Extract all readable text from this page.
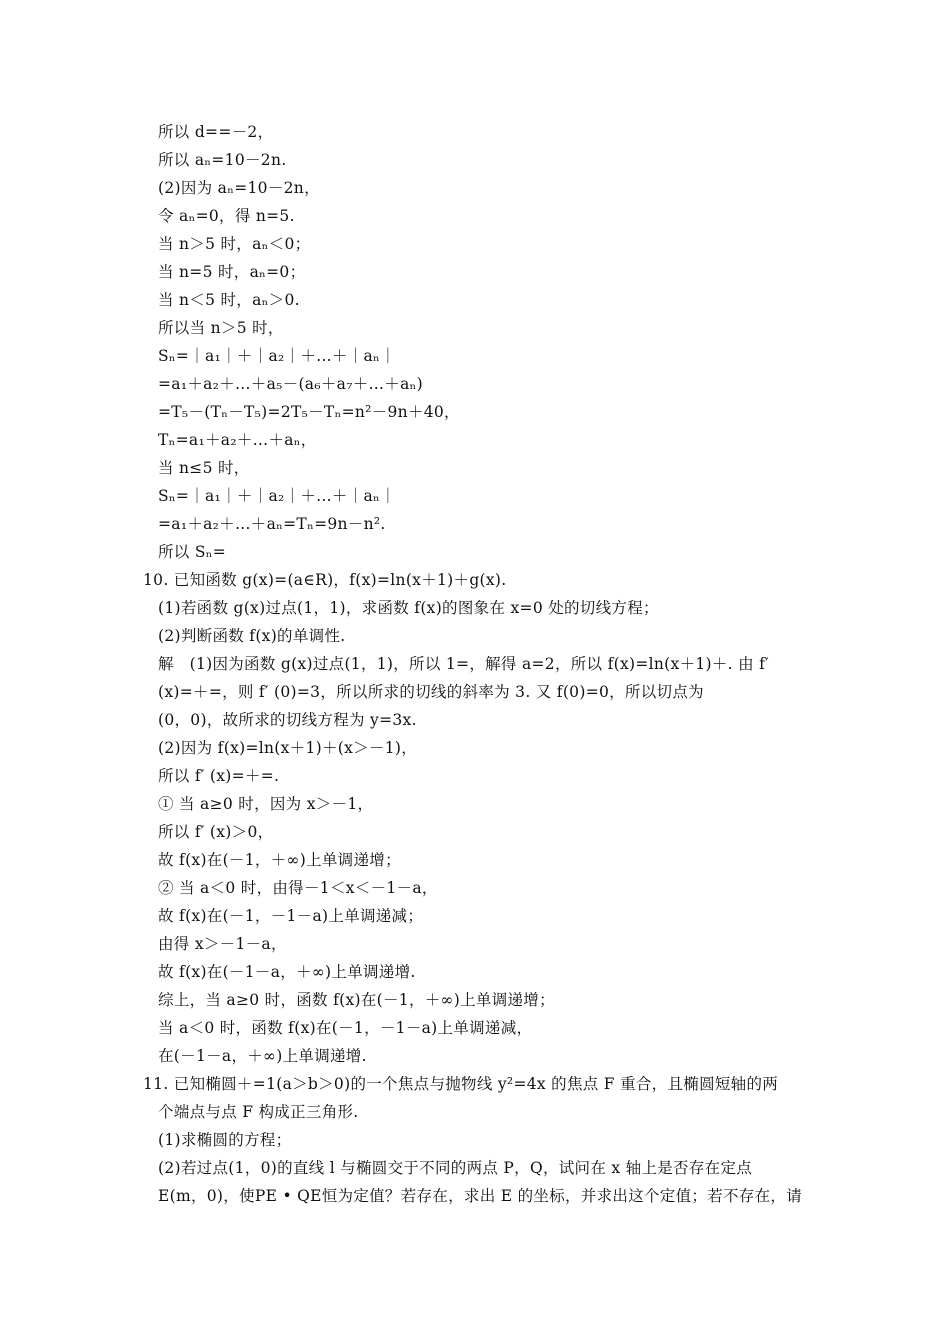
所以 d==－2，
所以 aₙ=10－2n.
(2)因为 aₙ=10－2n，
令 aₙ=0，得 n=5.
当 n＞5 时，aₙ＜0；
当 n=5 时，aₙ=0；
当 n＜5 时，aₙ＞0.
所以当 n＞5 时，
Sₙ=｜a₁｜＋｜a₂｜＋…＋｜aₙ｜
=a₁＋a₂＋…＋a₅－(a₆＋a₇＋…＋aₙ)
=T₅－(Tₙ－T₅)=2T₅－Tₙ=n²－9n＋40，
Tₙ=a₁＋a₂＋…＋aₙ，
当 n≤5 时，
Sₙ=｜a₁｜＋｜a₂｜＋…＋｜aₙ｜
=a₁＋a₂＋…＋aₙ=Tₙ=9n－n².
所以 Sₙ=
10. 已知函数 g(x)=(a∈R)，f(x)=ln(x＋1)＋g(x).
(1)若函数 g(x)过点(1，1)，求函数 f(x)的图象在 x=0 处的切线方程；
(2)判断函数 f(x)的单调性.
解　(1)因为函数 g(x)过点(1，1)，所以 1=，解得 a=2，所以 f(x)=ln(x＋1)＋. 由 f′
(x)=＋=，则 f′ (0)=3，所以所求的切线的斜率为 3. 又 f(0)=0，所以切点为
(0，0)，故所求的切线方程为 y=3x.
(2)因为 f(x)=ln(x＋1)＋(x＞－1)，
所以 f′ (x)=＋=.
① 当 a≥0 时，因为 x＞－1，
所以 f′ (x)＞0，
故 f(x)在(－1，＋∞)上单调递增；
② 当 a＜0 时，由得－1＜x＜－1－a，
故 f(x)在(－1，－1－a)上单调递减；
由得 x＞－1－a，
故 f(x)在(－1－a，＋∞)上单调递增.
综上，当 a≥0 时，函数 f(x)在(－1，＋∞)上单调递增；
当 a＜0 时，函数 f(x)在(－1，－1－a)上单调递减，
在(－1－a，＋∞)上单调递增.
11. 已知椭圆＋=1(a＞b＞0)的一个焦点与抛物线 y²=4x 的焦点 F 重合，且椭圆短轴的两
个端点与点 F 构成正三角形.
(1)求椭圆的方程；
(2)若过点(1，0)的直线 l 与椭圆交于不同的两点 P，Q，试问在 x 轴上是否存在定点
E(m，0)，使PE • QE恒为定值？若存在，求出 E 的坐标，并求出这个定值；若不存在，请
